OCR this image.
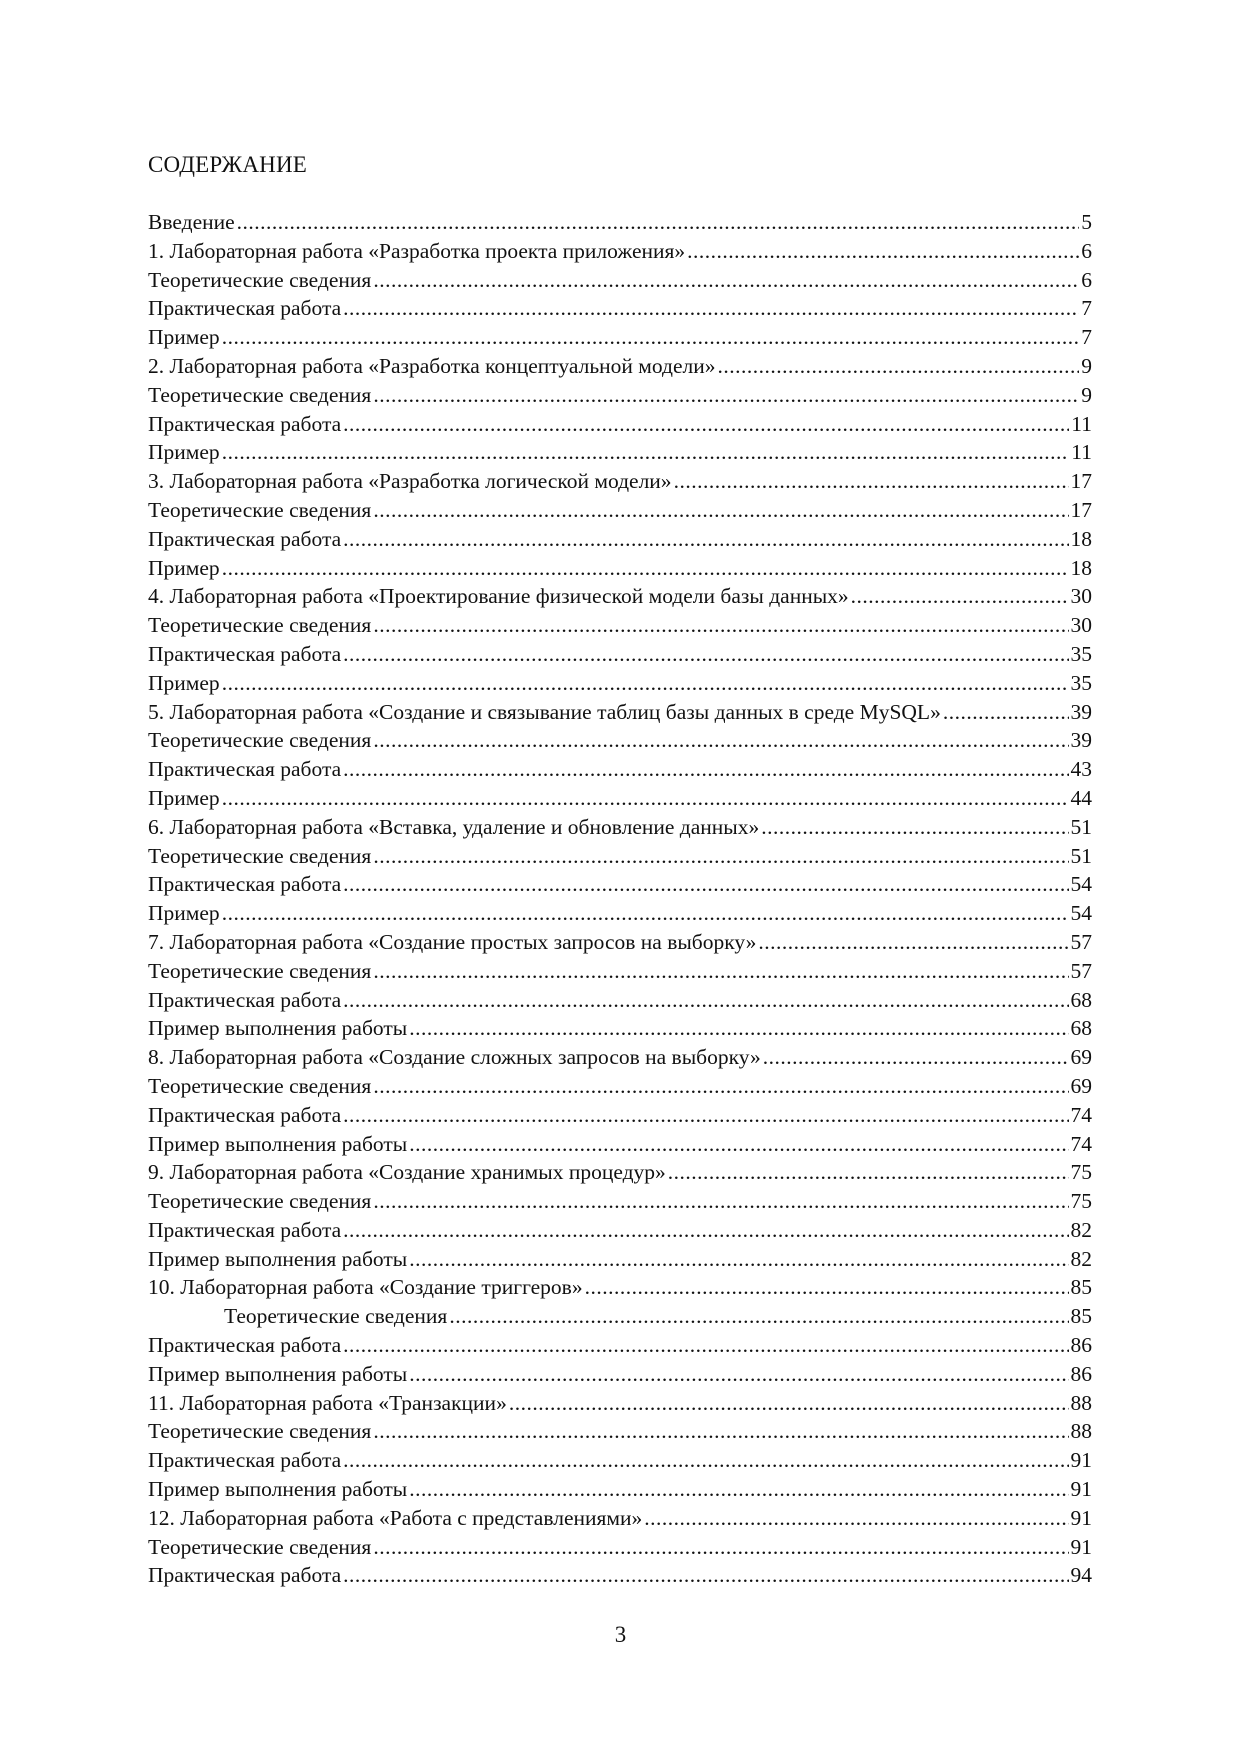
СОДЕРЖАНИЕ
Введение .....	5
1. Лабораторная работа «Разработка проекта приложения» .....	6
Теоретические сведения .....	6
Практическая работа .....	7
Пример .....	7
2. Лабораторная работа «Разработка концептуальной модели» .....	9
Теоретические сведения .....	9
Практическая работа .....	11
Пример .....	11
3. Лабораторная работа «Разработка логической модели» .....	17
Теоретические сведения .....	17
Практическая работа .....	18
Пример .....	18
4. Лабораторная работа «Проектирование физической модели базы данных» .....	30
Теоретические сведения .....	30
Практическая работа .....	35
Пример .....	35
5. Лабораторная работа «Создание и связывание таблиц базы данных в среде MySQL» .....	39
Теоретические сведения .....	39
Практическая работа .....	43
Пример .....	44
6. Лабораторная работа «Вставка, удаление и обновление данных» .....	51
Теоретические сведения .....	51
Практическая работа .....	54
Пример .....	54
7. Лабораторная работа «Создание простых запросов на выборку» .....	57
Теоретические сведения .....	57
Практическая работа .....	68
Пример выполнения работы .....	68
8. Лабораторная работа «Создание сложных запросов на выборку» .....	69
Теоретические сведения .....	69
Практическая работа .....	74
Пример выполнения работы .....	74
9. Лабораторная работа «Создание хранимых процедур» .....	75
Теоретические сведения .....	75
Практическая работа .....	82
Пример выполнения работы .....	82
10. Лабораторная работа «Создание триггеров» .....	85
Теоретические сведения .....	85
Практическая работа .....	86
Пример выполнения работы .....	86
11. Лабораторная работа «Транзакции» .....	88
Теоретические сведения .....	88
Практическая работа .....	91
Пример выполнения работы .....	91
12. Лабораторная работа «Работа с представлениями» .....	91
Теоретические сведения .....	91
Практическая работа .....	94
3
